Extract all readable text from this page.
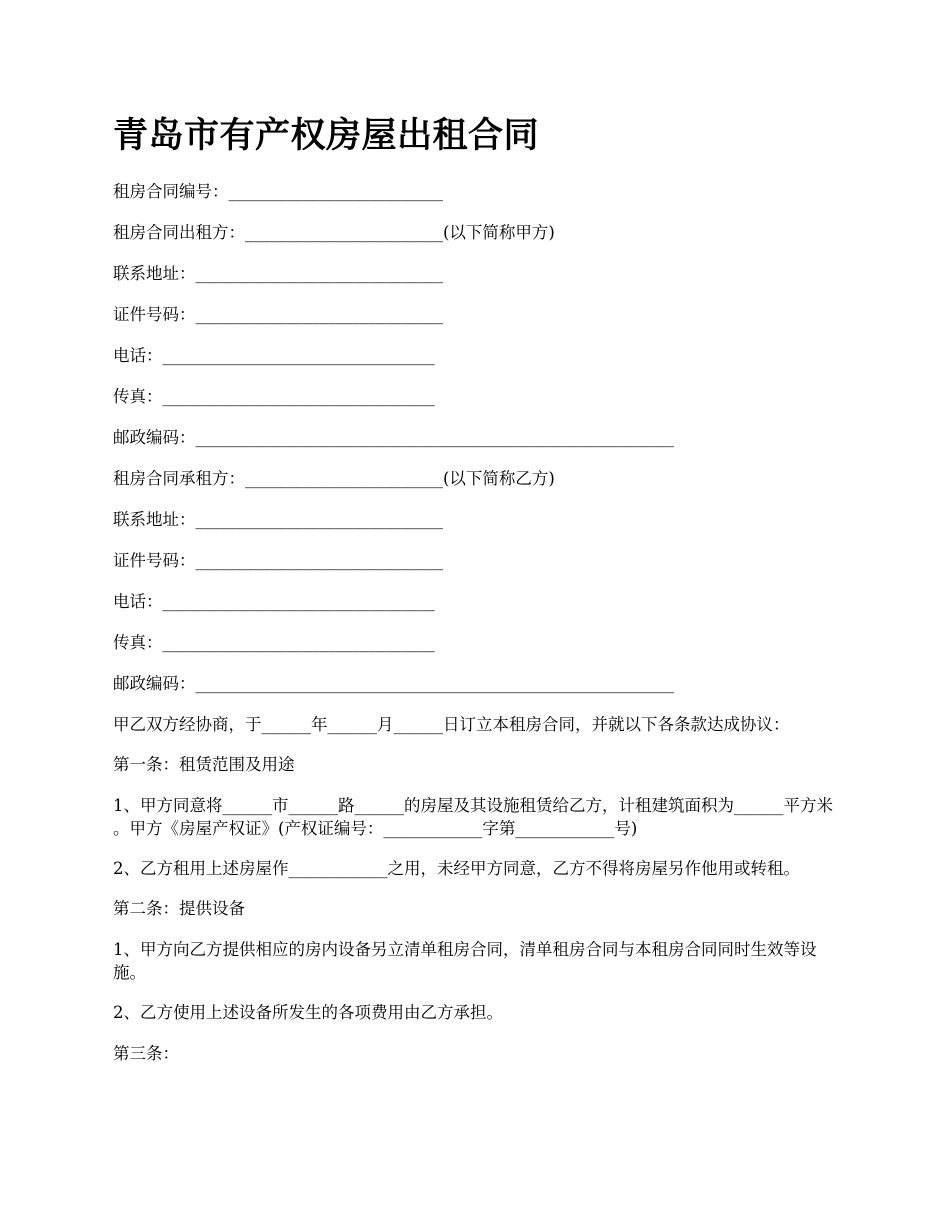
青岛市有产权房屋出租合同

租房合同编号：__________________________

租房合同出租方：________________________(以下简称甲方)

联系地址：______________________________

证件号码：______________________________

电话：_________________________________

传真：_________________________________

邮政编码：__________________________________________________________

租房合同承租方：________________________(以下简称乙方)

联系地址：______________________________

证件号码：______________________________

电话：_________________________________

传真：_________________________________

邮政编码：__________________________________________________________

甲乙双方经协商，于______年______月______日订立本租房合同，并就以下各条款达成协议：

第一条：租赁范围及用途

1、甲方同意将______市______路______的房屋及其设施租赁给乙方，计租建筑面积为______平方米 。甲方《房屋产权证》(产权证编号：____________字第____________号)

2、乙方租用上述房屋作____________之用，未经甲方同意，乙方不得将房屋另作他用或转租。

第二条：提供设备

1、甲方向乙方提供相应的房内设备另立清单租房合同，清单租房合同与本租房合同同时生效等设施。

2、乙方使用上述设备所发生的各项费用由乙方承担。

第三条：
